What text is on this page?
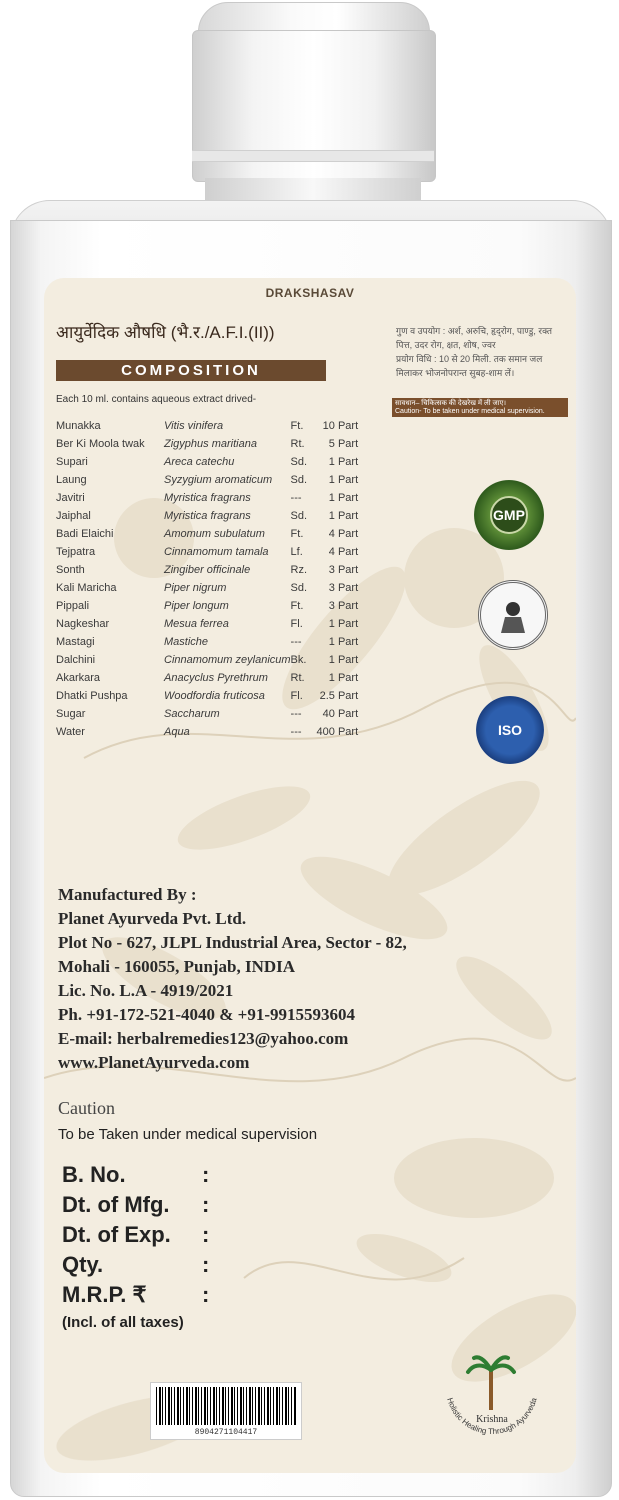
DRAKSHASAV
आयुर्वेदिक औषधि (भै.र./A.F.I.(II))
COMPOSITION
Each 10 ml. contains aqueous extract drived-
Munakka	Vitis vinifera	Ft.	10 Part
Ber Ki Moola twak	Zigyphus maritiana	Rt.	5 Part
Supari	Areca catechu	Sd.	1 Part
Laung	Syzygium aromaticum	Sd.	1 Part
Javitri	Myristica fragrans	---	1 Part
Jaiphal	Myristica fragrans	Sd.	1 Part
Badi Elaichi	Amomum subulatum	Ft.	4 Part
Tejpatra	Cinnamomum tamala	Lf.	4 Part
Sonth	Zingiber officinale	Rz.	3 Part
Kali Maricha	Piper nigrum	Sd.	3 Part
Pippali	Piper longum	Ft.	3 Part
Nagkeshar	Mesua ferrea	Fl.	1 Part
Mastagi	Mastiche	---	1 Part
Dalchini	Cinnamomum zeylanicum	Bk.	1 Part
Akarkara	Anacyclus Pyrethrum	Rt.	1 Part
Dhatki Pushpa	Woodfordia fruticosa	Fl.	2.5 Part
Sugar	Saccharum	---	40 Part
Water	Aqua	---	400 Part
गुण व उपयोग : अर्श, अरुचि, हृद्‌रोग, पाण्डु, रक्त पित्त, उदर रोग, क्षत, शोष, ज्वर
प्रयोग विधि : 10 से 20 मिली. तक समान जल मिलाकर भोजनोपरान्त सुबह-शाम लें।
सावधान– चिकित्सक की देखरेख में ली जाए।
Caution- To be taken under medical supervision.
GMP
ISO
Manufactured By :
Planet Ayurveda Pvt. Ltd.
Plot No - 627, JLPL Industrial Area, Sector - 82,
Mohali - 160055, Punjab, INDIA
Lic. No. L.A - 4919/2021
Ph. +91-172-521-4040 & +91-9915593604
E-mail: herbalremedies123@yahoo.com
www.PlanetAyurveda.com
Caution
To be Taken under medical supervision
B. No.	:
Dt. of Mfg. :
Dt. of Exp. :
Qty.	:
M.R.P. ₹	:
(Incl. of all taxes)
8904271104417
Holistic Healing Through Ayurveda
Krishna
